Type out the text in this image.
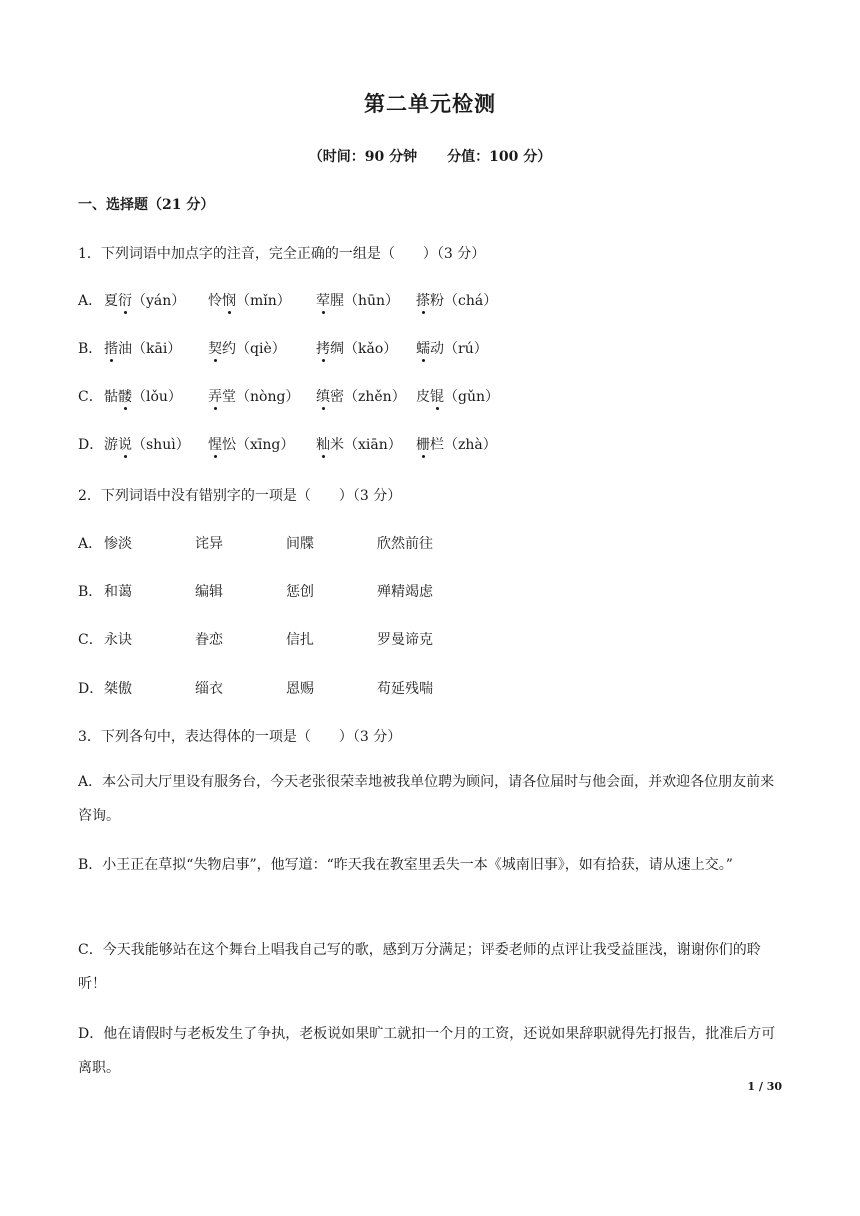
第二单元检测
（时间：90 分钟 分值：100 分）
一、选择题（21 分）
1．下列词语中加点字的注音，完全正确的一组是（　　）（3 分）
A． 夏衍（yán） 怜悯（mǐn） 荤腥（hūn） 搽粉（chá）
B． 揩油（kāi） 契约（qiè） 拷绸（kǎo） 蠕动（rú）
C． 骷髅（lǒu） 弄堂（nòng） 缜密（zhěn） 皮锟（gǔn）
D． 游说（shuì） 惺忪（xīng） 籼米（xiān） 栅栏（zhà）
2．下列词语中没有错别字的一项是（　　）（3 分）
A． 惨淡	诧异	间牒	欣然前往
B． 和蔼	编辑	惩创	殚精竭虑
C． 永诀	眷恋	信扎	罗曼谛克
D． 桀傲	缁衣	恩赐	苟延残喘
3．下列各句中，表达得体的一项是（　　）（3 分）
A．本公司大厅里设有服务台，今天老张很荣幸地被我单位聘为顾问，请各位届时与他会面，并欢迎各位朋友前来咨询。
B．小王正在草拟“失物启事”，他写道：“昨天我在教室里丢失一本《城南旧事》，如有拾获，请从速上交。”
C．今天我能够站在这个舞台上唱我自己写的歌，感到万分满足；评委老师的点评让我受益匪浅，谢谢你们的聆听！
D．他在请假时与老板发生了争执，老板说如果旷工就扣一个月的工资，还说如果辞职就得先打报告，批准后方可离职。
1 / 30
